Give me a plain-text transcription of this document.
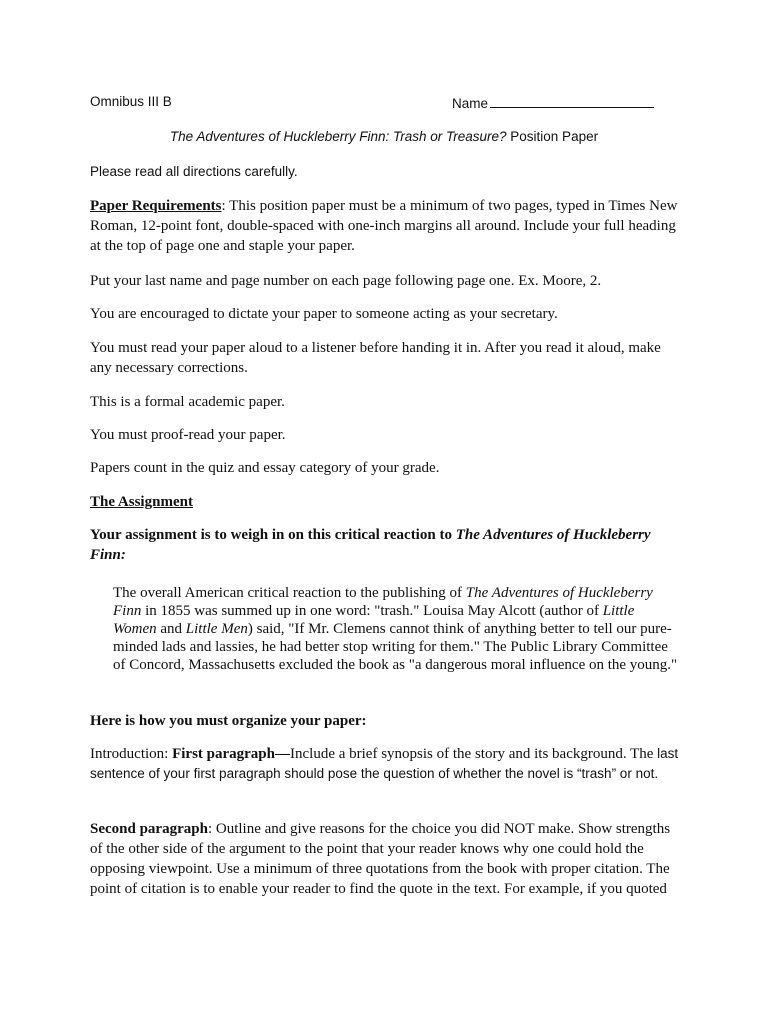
Omnibus III B	Name
The Adventures of Huckleberry Finn: Trash or Treasure? Position Paper
Please read all directions carefully.

Paper Requirements: This position paper must be a minimum of two pages, typed in Times New Roman, 12-point font, double-spaced with one-inch margins all around. Include your full heading at the top of page one and staple your paper.

Put your last name and page number on each page following page one. Ex. Moore, 2.

You are encouraged to dictate your paper to someone acting as your secretary.

You must read your paper aloud to a listener before handing it in. After you read it aloud, make any necessary corrections.

This is a formal academic paper.

You must proof-read your paper.

Papers count in the quiz and essay category of your grade.

The Assignment

Your assignment is to weigh in on this critical reaction to The Adventures of Huckleberry Finn:

The overall American critical reaction to the publishing of The Adventures of Huckleberry Finn in 1855 was summed up in one word: "trash." Louisa May Alcott (author of Little Women and Little Men) said, "If Mr. Clemens cannot think of anything better to tell our pure-minded lads and lassies, he had better stop writing for them." The Public Library Committee of Concord, Massachusetts excluded the book as "a dangerous moral influence on the young."

Here is how you must organize your paper:

Introduction: First paragraph—Include a brief synopsis of the story and its background. The last sentence of your first paragraph should pose the question of whether the novel is “trash” or not.

Second paragraph: Outline and give reasons for the choice you did NOT make. Show strengths of the other side of the argument to the point that your reader knows why one could hold the opposing viewpoint. Use a minimum of three quotations from the book with proper citation. The point of citation is to enable your reader to find the quote in the text. For example, if you quoted
